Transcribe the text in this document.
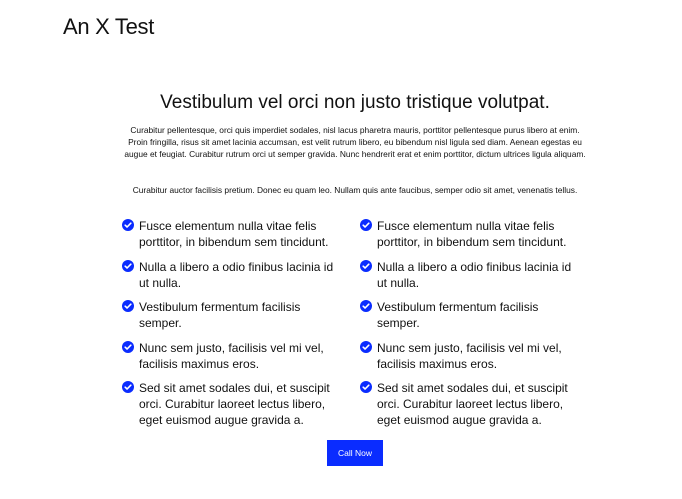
An X Test
Vestibulum vel orci non justo tristique volutpat.

Curabitur pellentesque, orci quis imperdiet sodales, nisl lacus pharetra mauris, porttitor pellentesque purus libero at enim. Proin fringilla, risus sit amet lacinia accumsan, est velit rutrum libero, eu bibendum nisl ligula sed diam. Aenean egestas eu augue et feugiat. Curabitur rutrum orci ut semper gravida. Nunc hendrerit erat et enim porttitor, dictum ultrices ligula aliquam.

Curabitur auctor facilisis pretium. Donec eu quam leo. Nullam quis ante faucibus, semper odio sit amet, venenatis tellus.

Fusce elementum nulla vitae felis porttitor, in bibendum sem tincidunt.
Nulla a libero a odio finibus lacinia id ut nulla.
Vestibulum fermentum facilisis semper.
Nunc sem justo, facilisis vel mi vel, facilisis maximus eros.
Sed sit amet sodales dui, et suscipit orci. Curabitur laoreet lectus libero, eget euismod augue gravida a.
Fusce elementum nulla vitae felis porttitor, in bibendum sem tincidunt.
Nulla a libero a odio finibus lacinia id ut nulla.
Vestibulum fermentum facilisis semper.
Nunc sem justo, facilisis vel mi vel, facilisis maximus eros.
Sed sit amet sodales dui, et suscipit orci. Curabitur laoreet lectus libero, eget euismod augue gravida a.
Call Now
